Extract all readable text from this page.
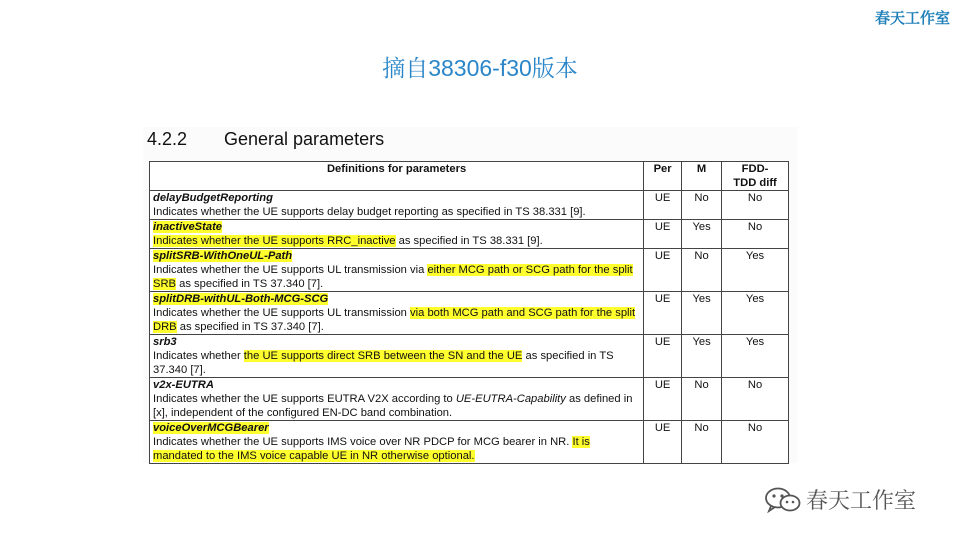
春天工作室
摘自38306-f30版本
4.2.2 General parameters
Definitions for parameters	Per	M	FDD-
TDD diff

delayBudgetReporting
Indicates whether the UE supports delay budget reporting as specified in TS 38.331 [9].	UE	No	No

inactiveState
Indicates whether the UE supports RRC_inactive as specified in TS 38.331 [9].	UE	Yes	No

splitSRB-WithOneUL-Path
Indicates whether the UE supports UL transmission via either MCG path or SCG path for the split SRB as specified in TS 37.340 [7].	UE	No	Yes

splitDRB-withUL-Both-MCG-SCG
Indicates whether the UE supports UL transmission via both MCG path and SCG path for the split DRB as specified in TS 37.340 [7].	UE	Yes	Yes

srb3
Indicates whether the UE supports direct SRB between the SN and the UE as specified in TS 37.340 [7].	UE	Yes	Yes

v2x-EUTRA
Indicates whether the UE supports EUTRA V2X according to UE-EUTRA-Capability as defined in [x], independent of the configured EN-DC band combination.	UE	No	No

voiceOverMCGBearer
Indicates whether the UE supports IMS voice over NR PDCP for MCG bearer in NR. It is mandated to the IMS voice capable UE in NR otherwise optional.	UE	No	No
春天工作室
